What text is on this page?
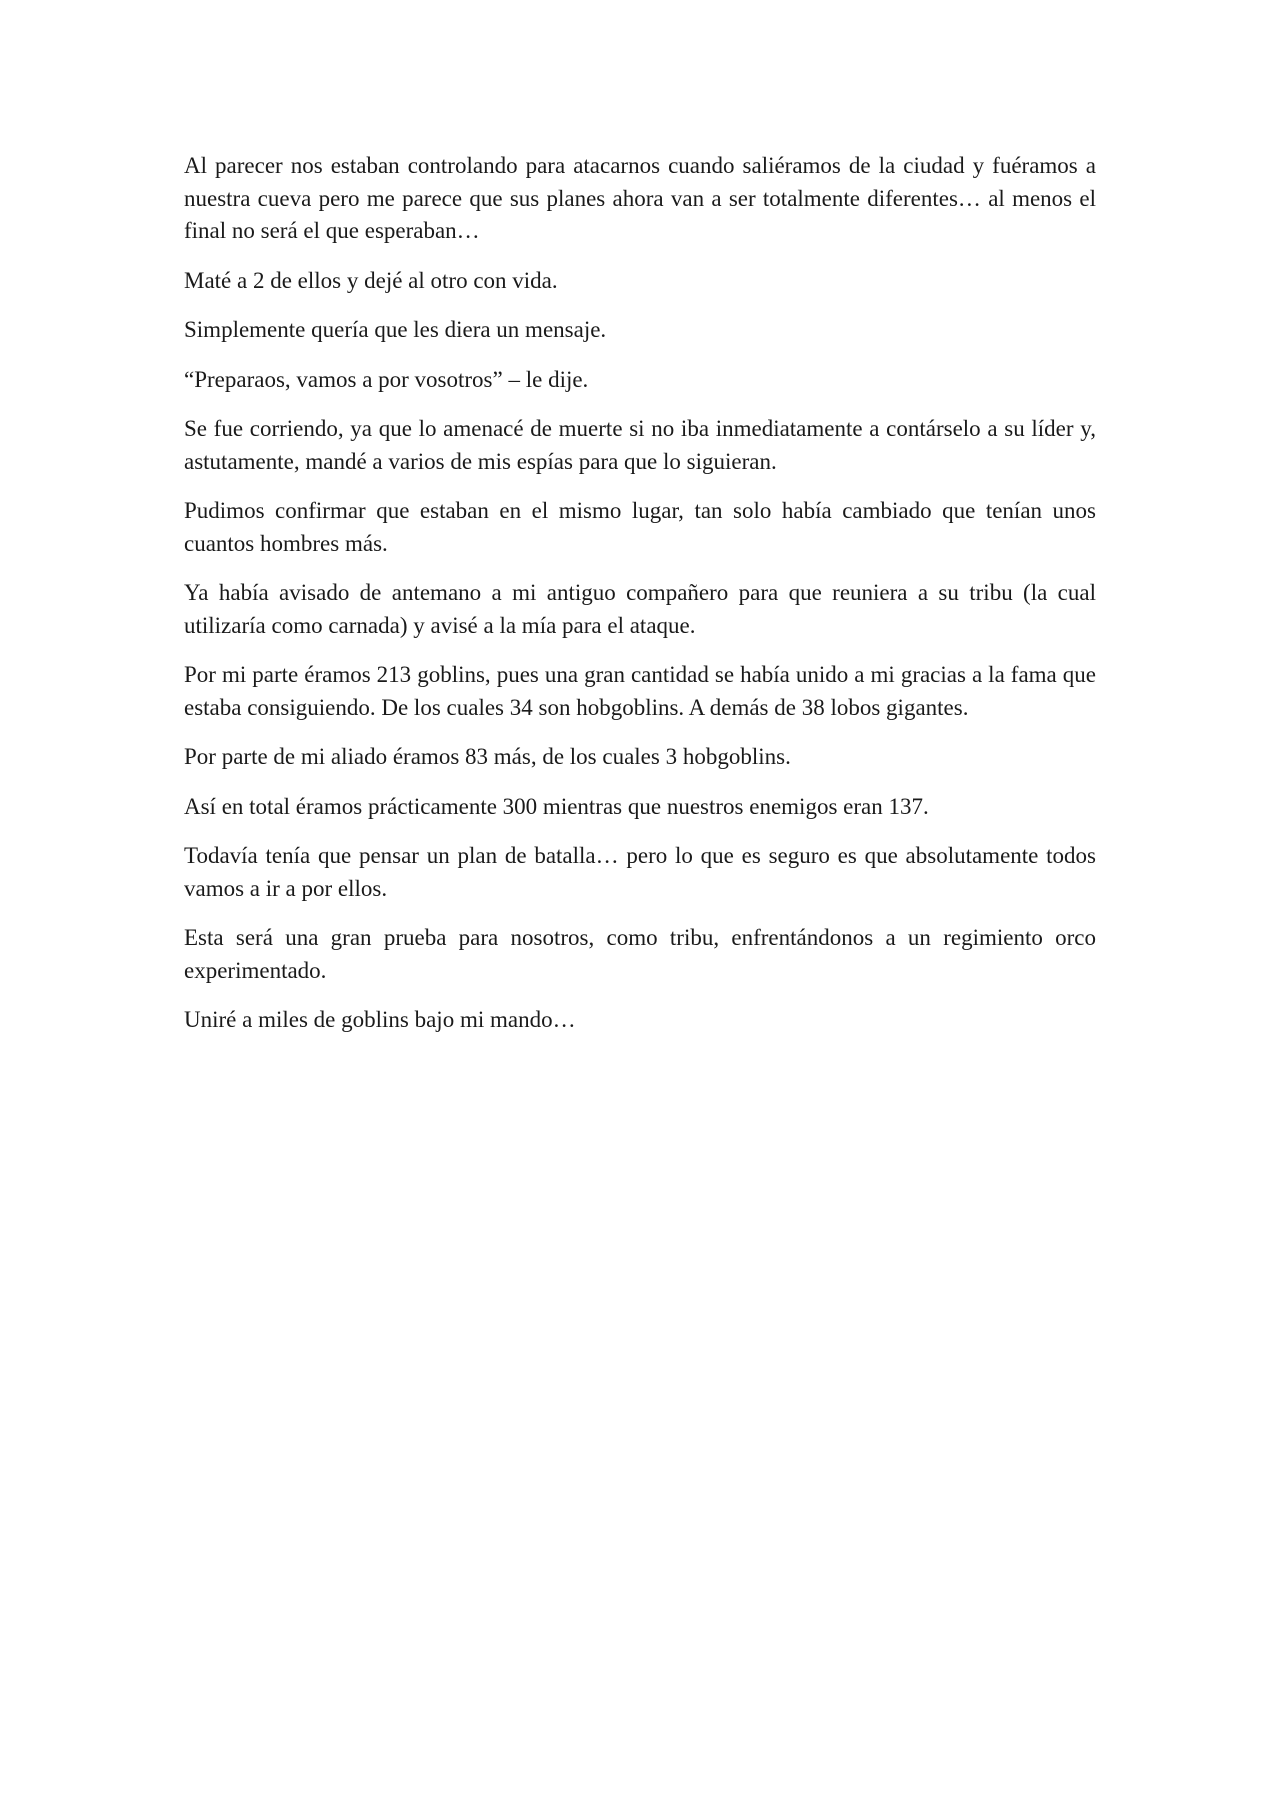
Al parecer nos estaban controlando para atacarnos cuando saliéramos de la ciudad y fuéramos a nuestra cueva pero me parece que sus planes ahora van a ser totalmente diferentes… al menos el final no será el que esperaban…

Maté a 2 de ellos y dejé al otro con vida.

Simplemente quería que les diera un mensaje.

“Preparaos, vamos a por vosotros” – le dije.

Se fue corriendo, ya que lo amenacé de muerte si no iba inmediatamente a contárselo a su líder y, astutamente, mandé a varios de mis espías para que lo siguieran.

Pudimos confirmar que estaban en el mismo lugar, tan solo había cambiado que tenían unos cuantos hombres más.

Ya había avisado de antemano a mi antiguo compañero para que reuniera a su tribu (la cual utilizaría como carnada) y avisé a la mía para el ataque.

Por mi parte éramos 213 goblins, pues una gran cantidad se había unido a mi gracias a la fama que estaba consiguiendo. De los cuales 34 son hobgoblins. A demás de 38 lobos gigantes.

Por parte de mi aliado éramos 83 más, de los cuales 3 hobgoblins.

Así en total éramos prácticamente 300 mientras que nuestros enemigos eran 137.

Todavía tenía que pensar un plan de batalla… pero lo que es seguro es que absolutamente todos vamos a ir a por ellos.

Esta será una gran prueba para nosotros, como tribu, enfrentándonos a un regimiento orco experimentado.

Uniré a miles de goblins bajo mi mando…
